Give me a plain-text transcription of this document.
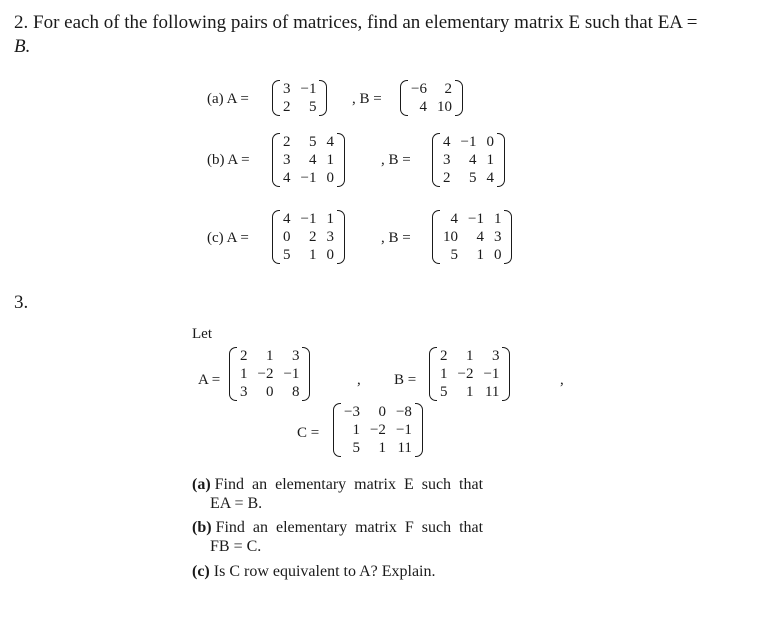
2. For each of the following pairs of matrices, find an elementary matrix E such that EA =
B.
(a) A =
3	−1
2	5 , B =
−6	2
4	10
(b) A =
2	5	4
3	4	1
4	−1	0
, B =
4	−1	0
3	4	1
2	5	4
(c) A =
4	−1	1
0	2	3
5	1	0
, B =
4	−1	1
10	4	3
5	1	0
3.
Let
A =
2	1	3
1	−2	−1
3	0	8
, B =
2	1	3
1	−2	−1
5	1	11
,
C =
−3	0	−8
1	−2	−1
5	1	11
(a) Find  an  elementary  matrix  E  such  that
EA = B.
(b) Find  an  elementary  matrix  F  such  that
FB = C.
(c) Is C row equivalent to A? Explain.
